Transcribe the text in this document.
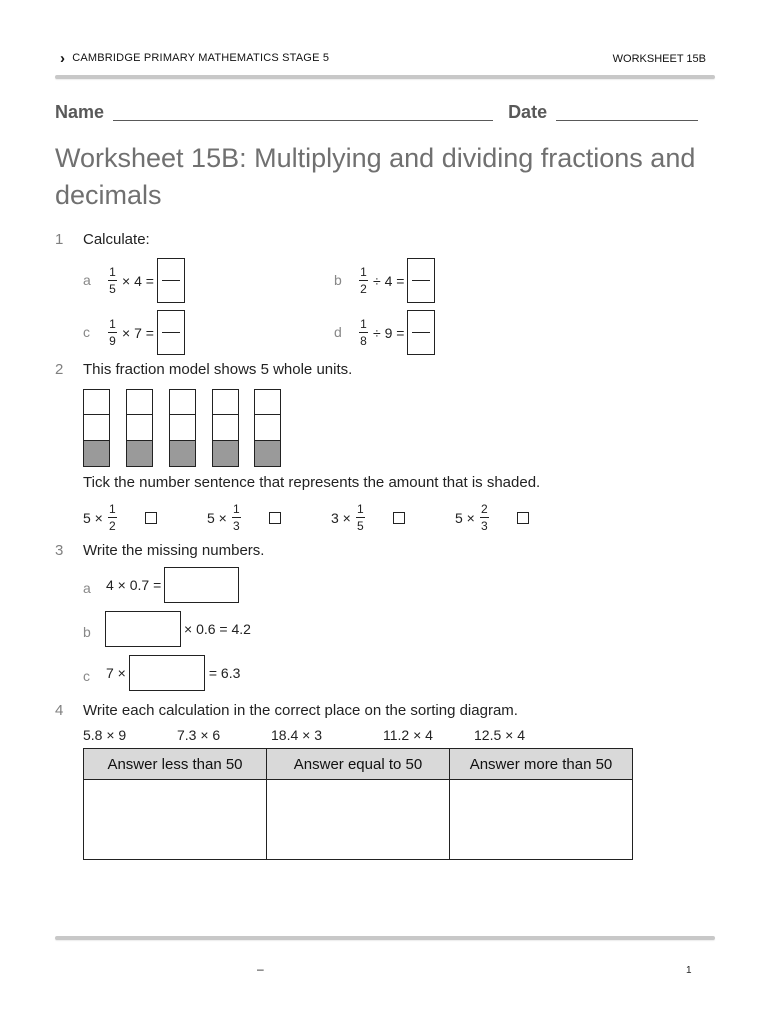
› CAMBRIDGE PRIMARY MATHEMATICS STAGE 5	WORKSHEET 15B
Name	Date
Worksheet 15B: Multiplying and dividing fractions and decimals
1 Calculate:
a $\frac{1}{5} \times 4$ =	b $\frac{1}{2} \div 4$ =
c $\frac{1}{9} \times 7$ =	d $\frac{1}{8} \div 9$ =
2 This fraction model shows 5 whole units.
Tick the number sentence that represents the amount that is shaded.
$5 \times \frac{1}{2}$	$5 \times \frac{1}{3}$	$3 \times \frac{1}{5}$	$5 \times \frac{2}{3}$
3 Write the missing numbers.
a 4 × 0.7 =
b	× 0.6 = 4.2
c 7 ×	= 6.3
4 Write each calculation in the correct place on the sorting diagram.
5.8 × 9	7.3 × 6	18.4 × 3	11.2 × 4	12.5 × 4
Answer less than 50	Answer equal to 50	Answer more than 50

–	1
